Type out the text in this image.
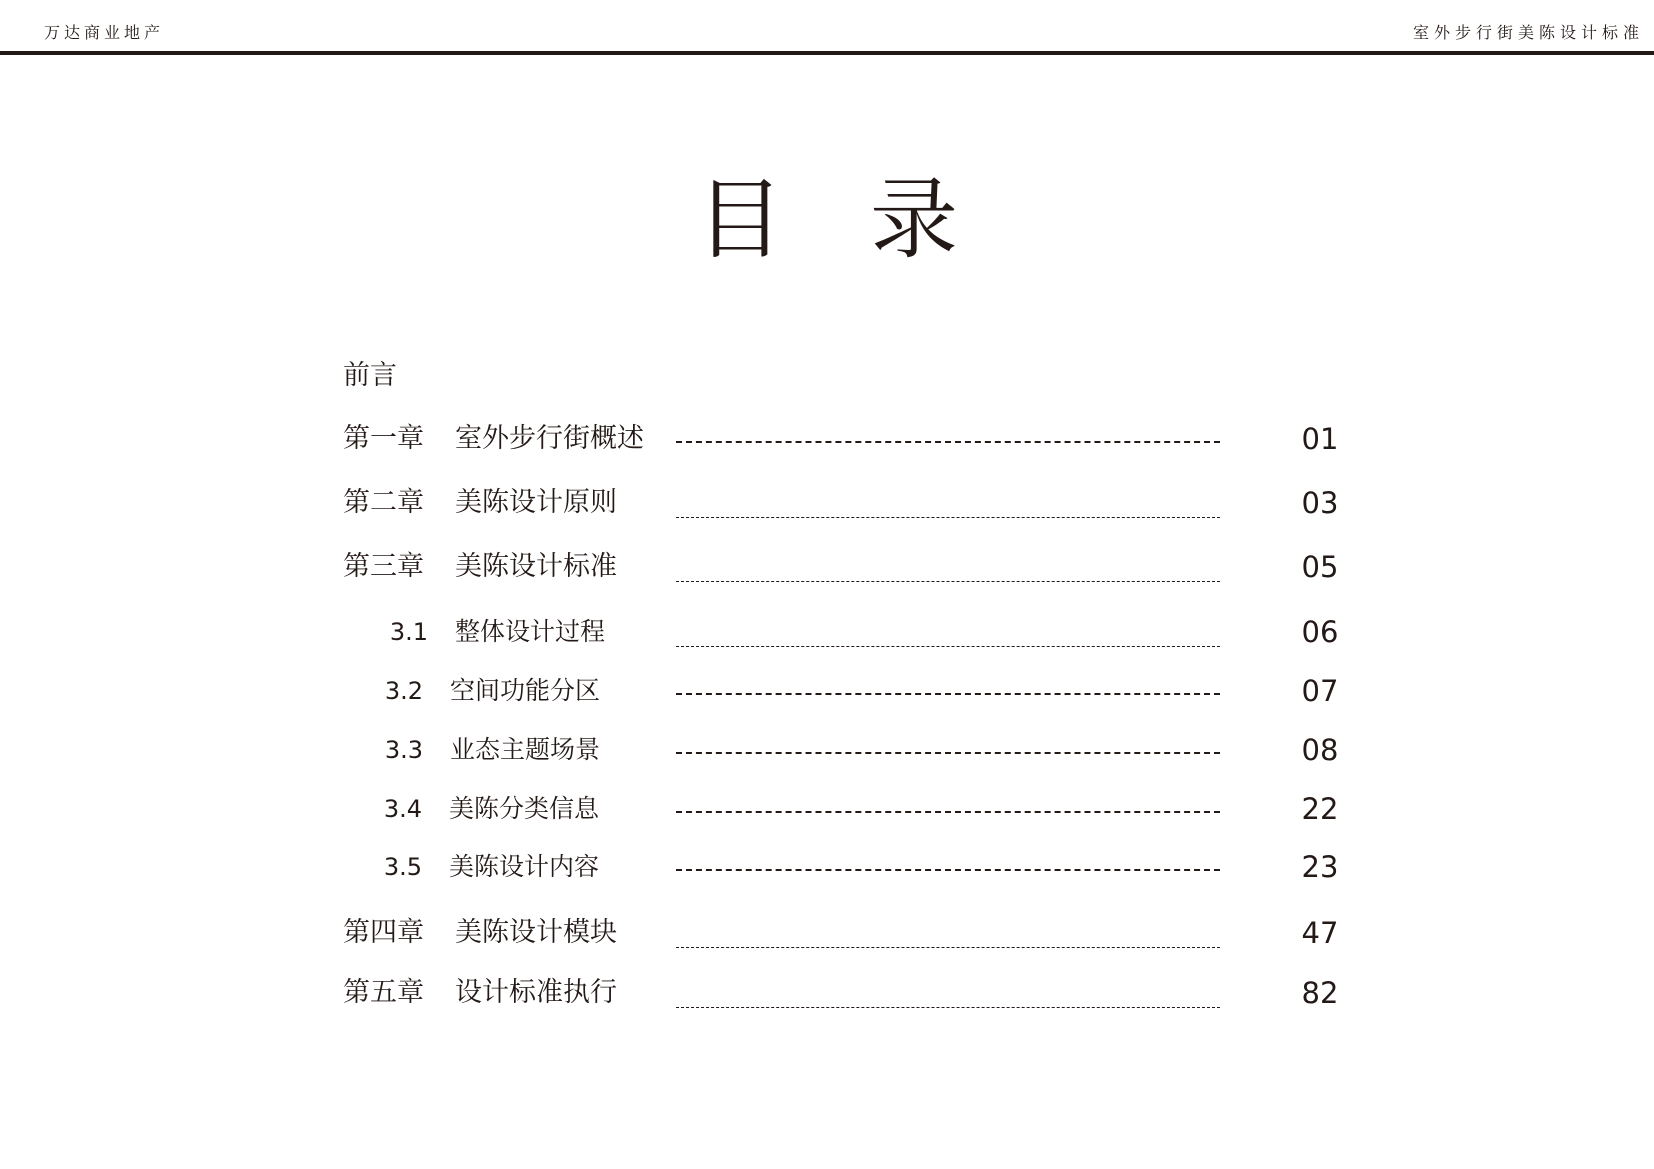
万达商业地产	室外步行街美陈设计标准
目 录
前言
第一章 室外步行街概述	01
第二章 美陈设计原则	03
第三章 美陈设计标准	05
3.1 整体设计过程	06
3.2 空间功能分区	07
3.3 业态主题场景	08
3.4 美陈分类信息	22
3.5 美陈设计内容	23
第四章 美陈设计模块	47
第五章 设计标准执行	82
